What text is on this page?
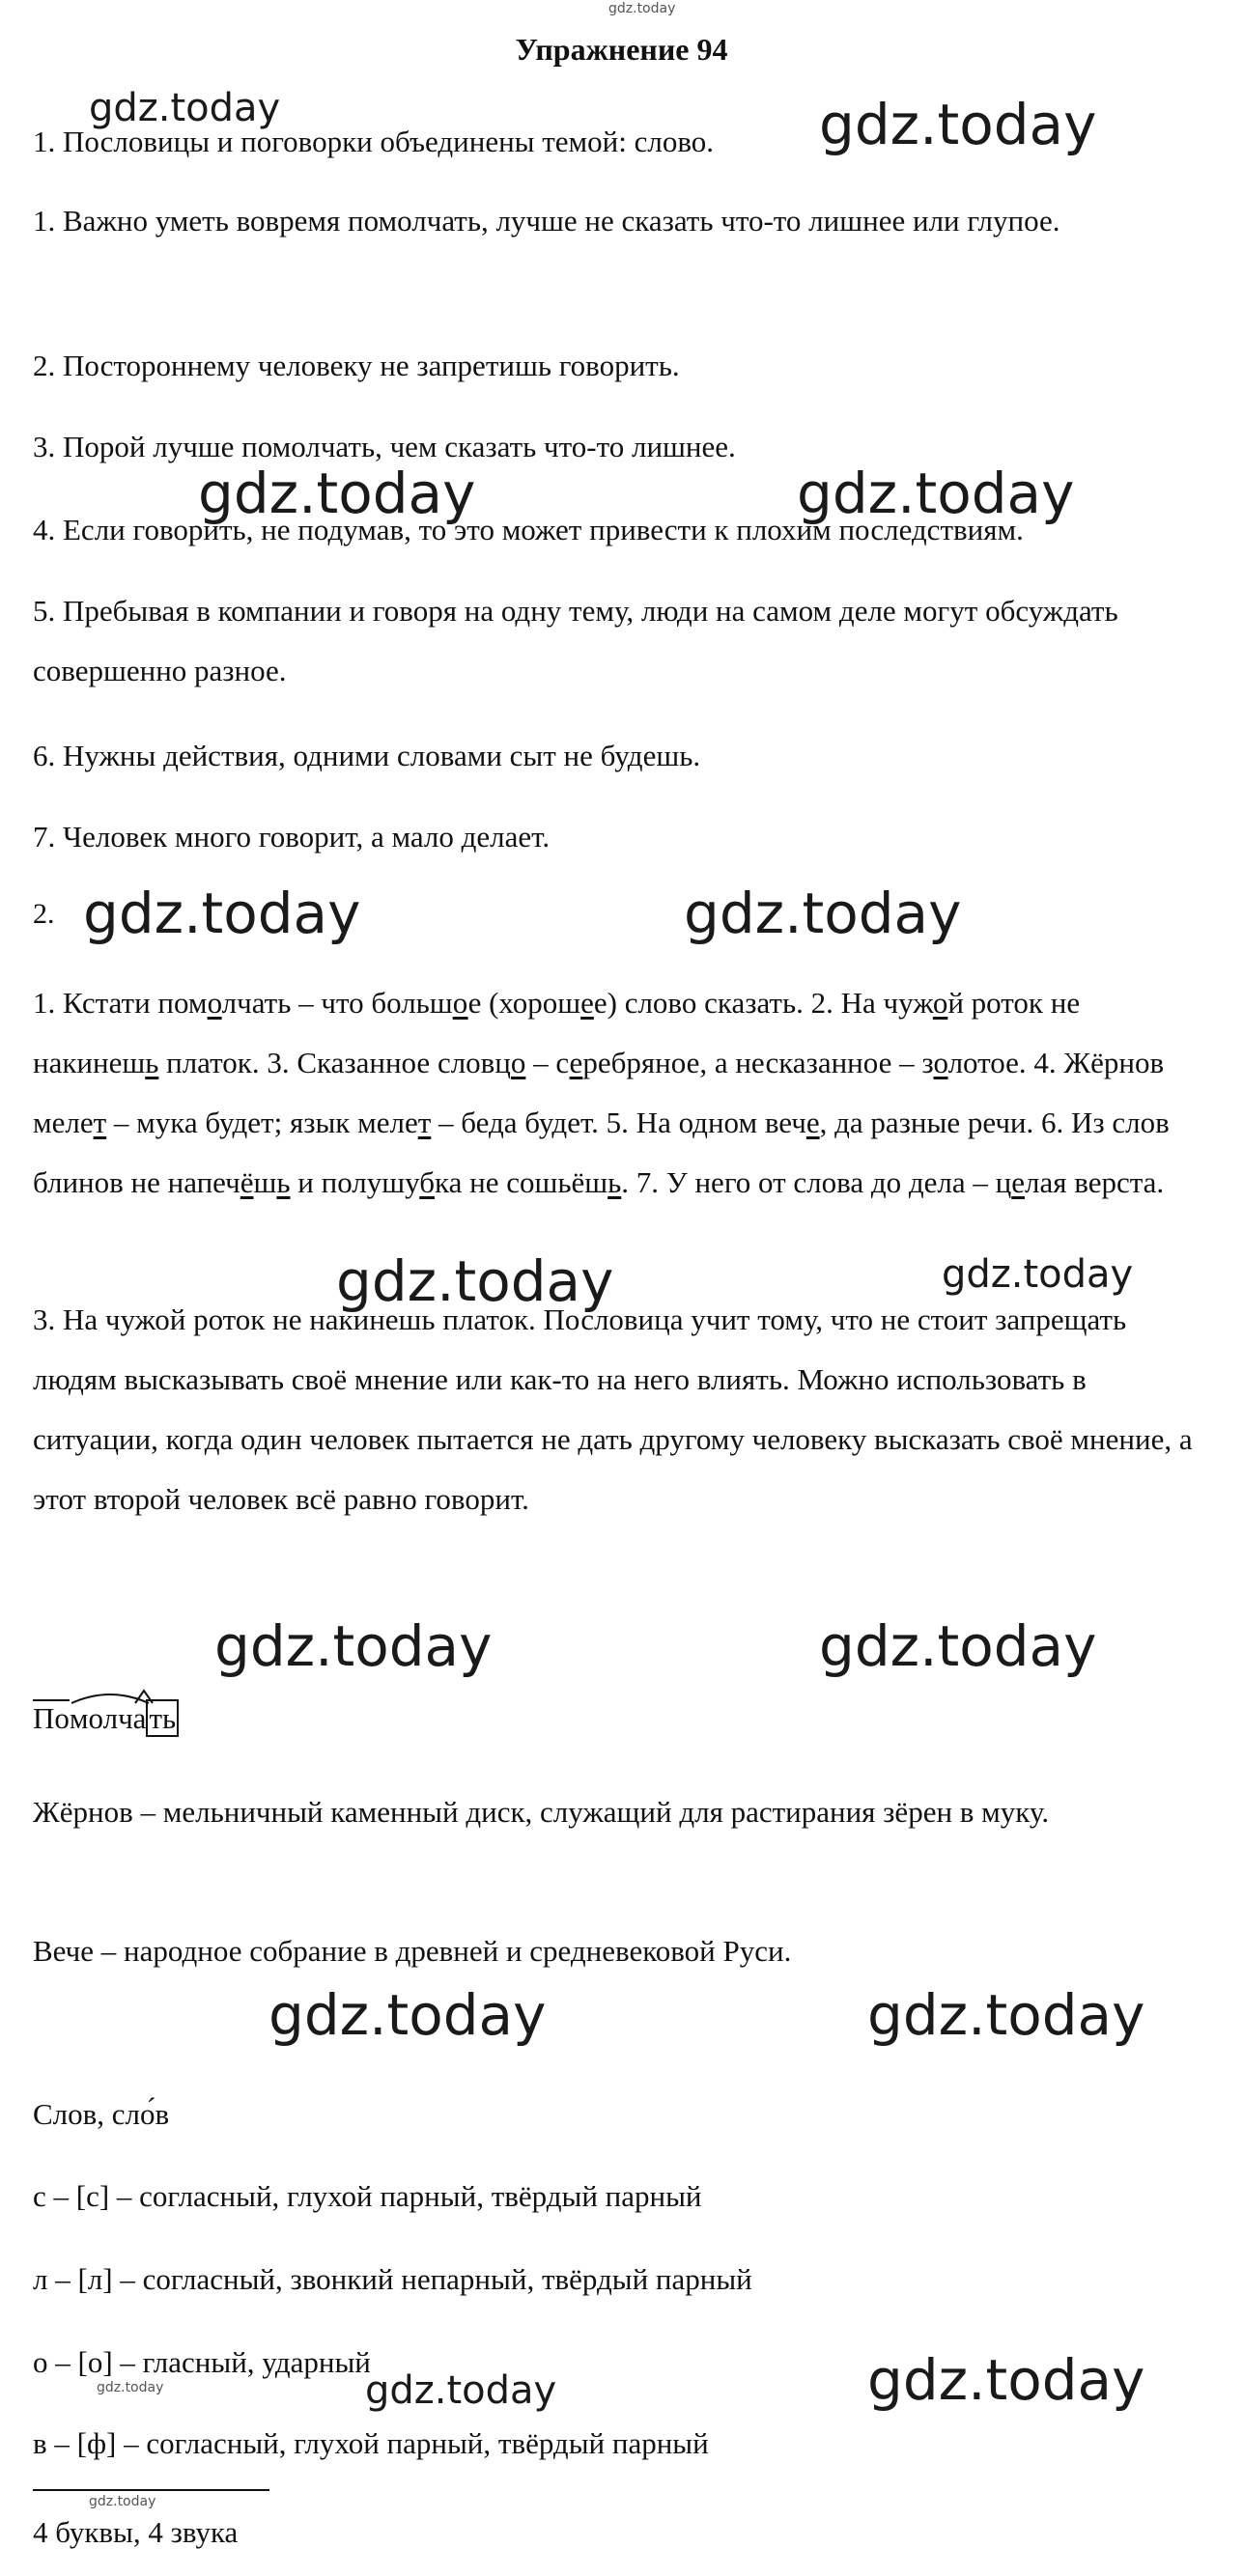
gdz.today
Упражнение 94
gdz.today

1. Пословицы и поговорки объединены темой: слово.	gdz.today

1. Важно уметь вовремя помолчать, лучше не сказать что-то лишнее или глупое.

2. Постороннему человеку не запретишь говорить.

3. Порой лучше помолчать, чем сказать что-то лишнее.

gdz.today	gdz.today

4. Если говорить, не подумав, то это может привести к плохим последствиям.

5. Пребывая в компании и говоря на одну тему, люди на самом деле могут обсуждать совершенно разное.

6. Нужны действия, одними словами сыт не будешь.

7. Человек много говорит, а мало делает.

2. gdz.today	gdz.today

1. Кстати помолчать – что большое (хорошее) слово сказать. 2. На чужой роток не накинешь платок. 3. Сказанное словцо – серебряное, а несказанное – золотое. 4. Жёрнов мелет – мука будет; язык мелет – беда будет. 5. На одном вече, да разные речи. 6. Из слов блинов не напечёшь и полушубка не сошьёшь. 7. У него от слова до дела – целая верста.

gdz.today	gdz.today

3. На чужой роток не накинешь платок. Пословица учит тому, что не стоит запрещать людям высказывать своё мнение или как-то на него влиять. Можно использовать в ситуации, когда один человек пытается не дать другому человеку высказать своё мнение, а этот второй человек всё равно говорит.

gdz.today	gdz.today
По
молч
ать

Жёрнов – мельничный каменный диск, служащий для растирания зёрен в муку.

Вече – народное собрание в древней и средневековой Руси.

gdz.today	gdz.today

Слов, сло́в

с – [с] – согласный, глухой парный, твёрдый парный

л – [л] – согласный, звонкий непарный, твёрдый парный

о – [о] – гласный, ударный

gdz.today	gdz.today	gdz.today

в – [ф] – согласный, глухой парный, твёрдый парный

gdz.today

4 буквы, 4 звука
